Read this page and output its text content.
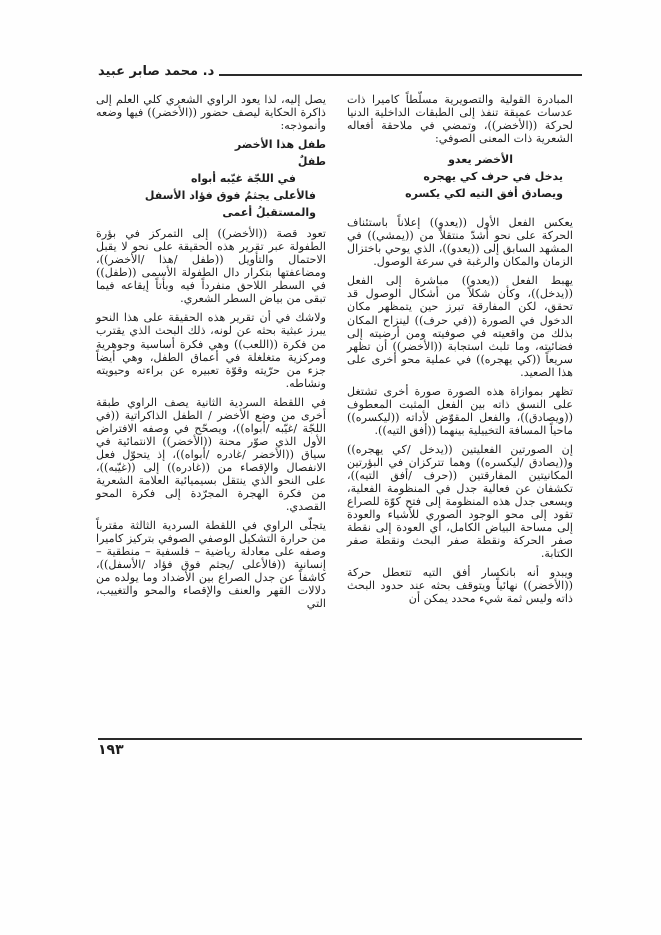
د. محمد صابر عبيد

المبادرة القولية والتصويرية مسلّطاً كاميرا ذات عدسات عميقة تنفذ إلى الطبقات الداخلية الدنيا لحركة ((الأخضر))، وتمضي في ملاحقة أفعاله الشعرية ذات المعنى الصوفي:

الأخضر يعدو
يدخل في حرف كي يهجره
ويصادق أفق التيه لكي يكسره

يعكس الفعل الأول ((يعدو)) إعلاناً باستئناف الحركة على نحو أشدّ منتقلاً من ((يمشي)) في المشهد السابق إلى ((يعدو))، الذي يوحي باختزال الزمان والمكان والرغبة في سرعة الوصول.

يهبط الفعل ((يعدو)) مباشرة إلى الفعل ((يدخل))، وكأن شكلاً من أشكال الوصول قد تحقق، لكن المفارقة تبرز حين يتمظهر مكان الدخول في الصورة ((في حرف)) لينزاح المكان بذلك من واقعيته في صوفيته ومن أرضيته إلى فضائيته، وما تلبث استجابة ((الأخضر)) أن تظهر سريعاً ((كي يهجره)) في عملية محو أخرى على هذا الصعيد.

تظهر بموازاة هذه الصورة صورة أخرى تشتغل على النسق ذاته بين الفعل المثبت المعطوف ((ويصادق))، والفعل المقوّض لأداته ((ليكسره)) ماحياً المسافة التخييلية بينهما ((أفق التيه)).

إن الصورتين الفعليتين ((يدخل /كي يهجره)) و((يصادق /ليكسره)) وهما تتركزان في البؤرتين المكانيتين المفارقتين ((حرف /أفق التيه))، تكشفان عن فعالية جدل في المنظومة الفعلية، ويسعى جدل هذه المنظومة إلى فتح كوّة للصراع تقود إلى محو الوجود الصوري للأشياء والعودة إلى مساحة البياض الكامل، أي العودة إلى نقطة صفر الحركة ونقطة صفر البحث ونقطة صفر الكتابة.

ويبدو أنه بانكسار أفق التيه تتعطل حركة ((الأخضر)) نهائياً ويتوقف بحثه عند حدود البحث ذاته وليس ثمة شيء محدد يمكن أن

يصل إليه، لذا يعود الراوي الشعري كلي العلم إلى ذاكرة الحكاية ليصف حضور ((الأخضر)) فيها وضعه وأنموذجه:

طفل هذا الأخضر
طفلٌ
في اللجّة غيّبه أبواه
فالأعلى يجثمُ فوق فؤاد الأسفل
والمستقبلُ أعمى

تعود قصة ((الأخضر)) إلى التمركز في بؤرة الطفولة عبر تقرير هذه الحقيقة على نحو لا يقبل الاحتمال والتأويل ((طفل /هذا /الأخضر))، ومضاعفتها بتكرار دال الطفولة الأسمى ((طفل)) في السطر اللاحق منفرداً فيه وبأتاً إيقاعه فيما تبقى من بياض السطر الشعري.

ولاشك في أن تقرير هذه الحقيقة على هذا النحو يبرز عبثية بحثه عن لونه، ذلك البحث الذي يقترب من فكرة ((اللعب)) وهي فكرة أساسية وجوهرية ومركزية متغلغلة في أعماق الطفل، وهي أيضاً جزء من حرّيته وقوّة تعبيره عن براءته وحيويته ونشاطه.

في اللقطة السردية الثانية يصف الراوي طبقة أخرى من وضع الأخضر / الطفل الذاكراتية ((في اللجّة /غيّبه /أبواه))، ويصحّح في وصفه الافتراض الأول الذي صوّر محنة ((الأخضر)) الانتمائية في سياق ((الأخضر /غادره /أبواه))، إذ يتحوّل فعل الانفصال والإقصاء من ((غادره)) إلى ((غيّبه))، على النحو الذي ينتقل بسيميائية العلامة الشعرية من فكرة الهجرة المجرّدة إلى فكرة المحو القصدي.

يتجلّى الراوي في اللقطة السردية الثالثة مقترباً من حرارة التشكيل الوصفي الصوفي بتركيز كاميرا وصفه على معادلة رياضية – فلسفية – منطقية – إنسانية ((فالأعلى /يجثم فوق فؤاد /الأسفل))، كاشفاً عن جدل الصراع بين الأضداد وما يولده من دلالات القهر والعنف والإقصاء والمحو والتغييب، التي

١٩٣
